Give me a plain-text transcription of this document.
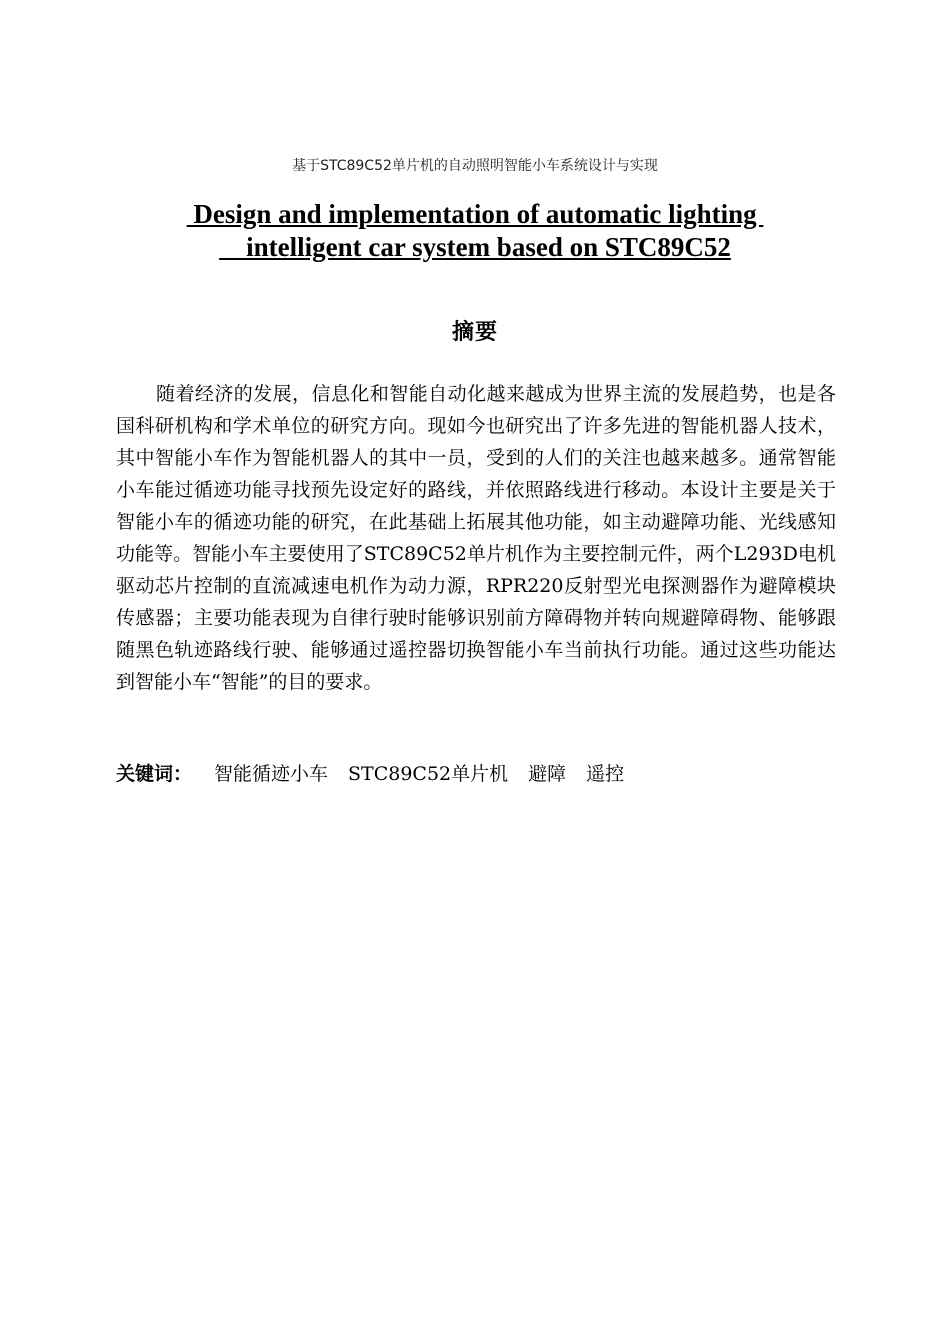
基于STC89C52单片机的自动照明智能小车系统设计与实现
Design and implementation of automatic lighting
intelligent car system based on STC89C52
摘要

随着经济的发展，信息化和智能自动化越来越成为世界主流的发展趋势，也是各国科研机构和学术单位的研究方向。现如今也研究出了许多先进的智能机器人技术，其中智能小车作为智能机器人的其中一员，受到的人们的关注也越来越多。通常智能小车能过循迹功能寻找预先设定好的路线，并依照路线进行移动。本设计主要是关于智能小车的循迹功能的研究，在此基础上拓展其他功能，如主动避障功能、光线感知功能等。智能小车主要使用了STC89C52单片机作为主要控制元件，两个L293D电机驱动芯片控制的直流减速电机作为动力源，RPR220反射型光电探测器作为避障模块传感器；主要功能表现为自律行驶时能够识别前方障碍物并转向规避障碍物、能够跟随黑色轨迹路线行驶、能够通过遥控器切换智能小车当前执行功能。通过这些功能达到智能小车“智能”的目的要求。

关键词： 智能循迹小车 STC89C52单片机 避障 遥控
